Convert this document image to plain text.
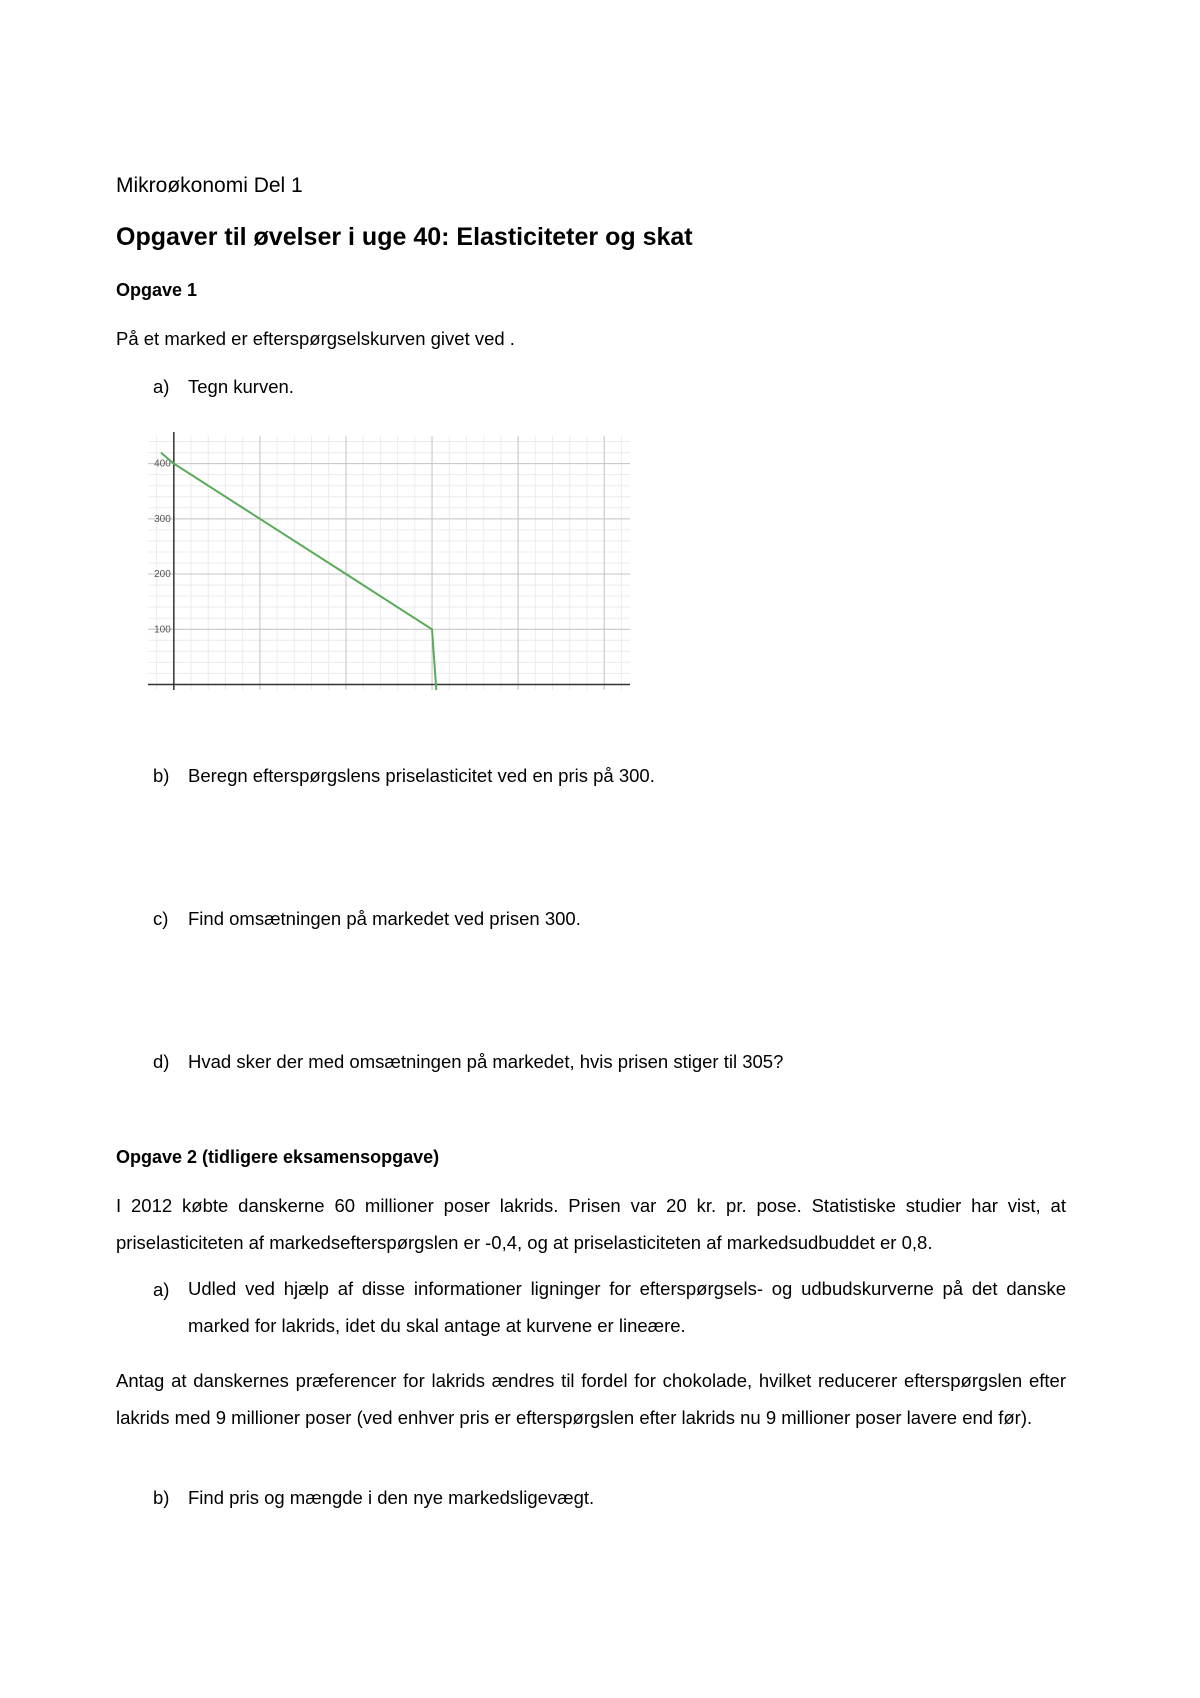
Mikroøkonomi Del 1
Opgaver til øvelser i uge 40: Elasticiteter og skat
Opgave 1
På et marked er efterspørgselskurven givet ved .
a) Tegn kurven.
400
300
200
100
b) Beregn efterspørgslens priselasticitet ved en pris på 300.
c) Find omsætningen på markedet ved prisen 300.
d) Hvad sker der med omsætningen på markedet, hvis prisen stiger til 305?
Opgave 2 (tidligere eksamensopgave)
I 2012 købte danskerne 60 millioner poser lakrids. Prisen var 20 kr. pr. pose. Statistiske studier har vist, at priselasticiteten af markedsefterspørgslen er -0,4, og at priselasticiteten af markedsudbuddet er 0,8.
a) Udled ved hjælp af disse informationer ligninger for efterspørgsels- og udbudskurverne på det danske marked for lakrids, idet du skal antage at kurvene er lineære.
Antag at danskernes præferencer for lakrids ændres til fordel for chokolade, hvilket reducerer efterspørgslen efter lakrids med 9 millioner poser (ved enhver pris er efterspørgslen efter lakrids nu 9 millioner poser lavere end før).
b) Find pris og mængde i den nye markedsligevægt.
